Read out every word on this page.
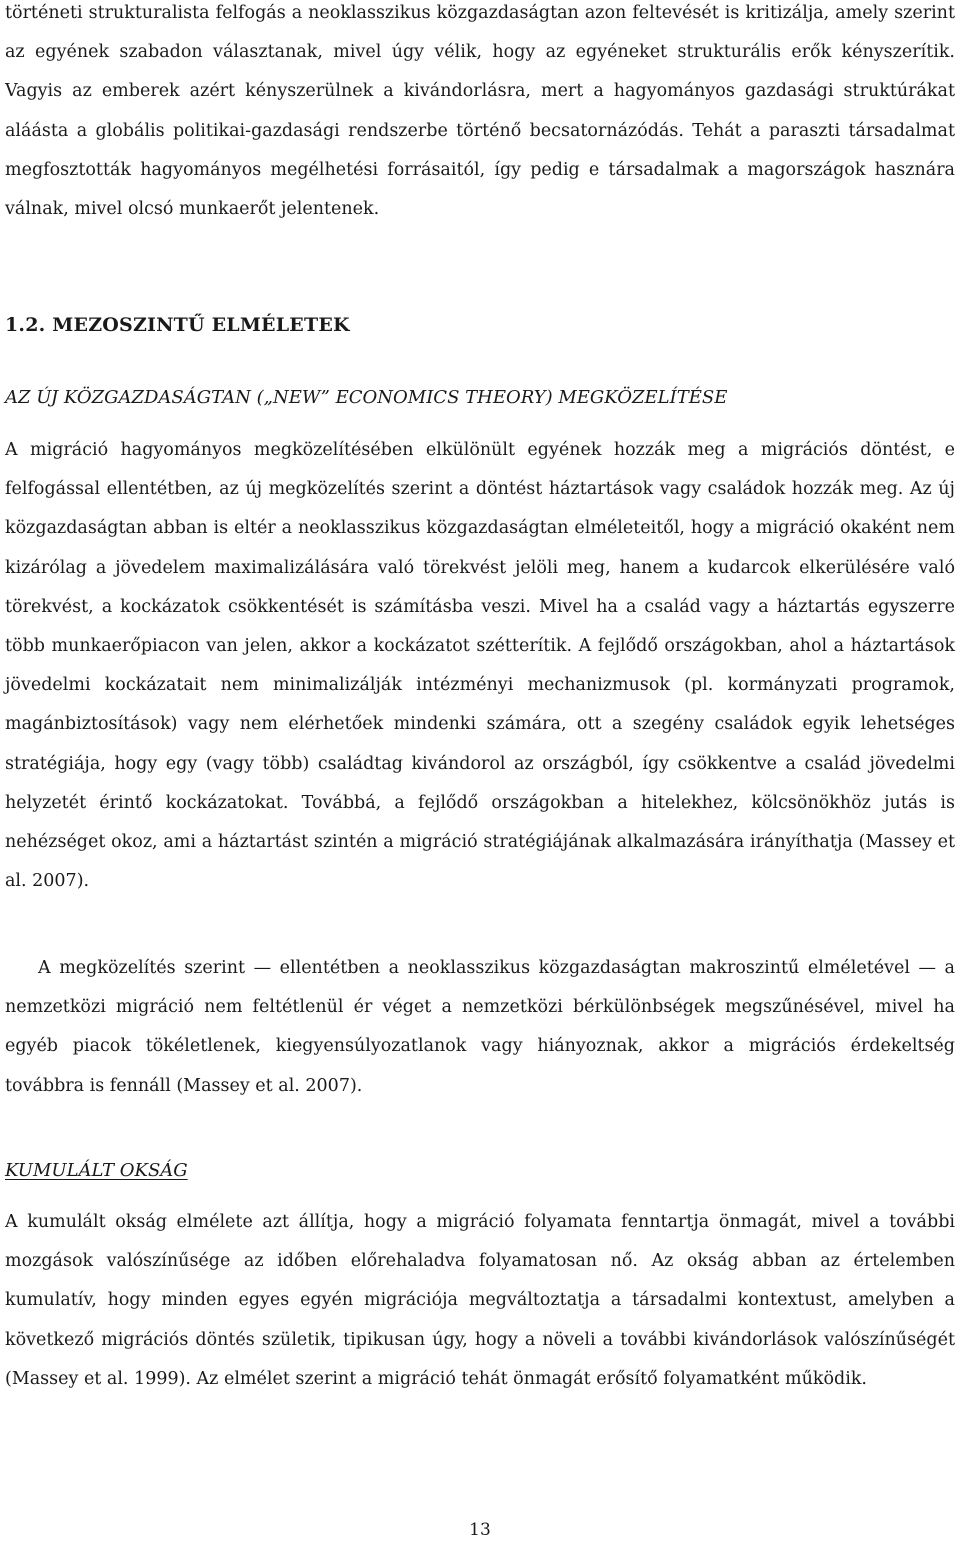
történeti strukturalista felfogás a neoklasszikus közgazdaságtan azon feltevését is kritizálja, amely szerint az egyének szabadon választanak, mivel úgy vélik, hogy az egyéneket strukturális erők kényszerítik. Vagyis az emberek azért kényszerülnek a kivándorlásra, mert a hagyományos gazdasági struktúrákat aláásta a globális politikai-gazdasági rendszerbe történő becsatornázódás. Tehát a paraszti társadalmat megfosztották hagyományos megélhetési forrásaitól, így pedig e társadalmak a magországok hasznára válnak, mivel olcsó munkaerőt jelentenek.

1.2. MEZOSZINTŰ ELMÉLETEK
AZ ÚJ KÖZGAZDASÁGTAN („NEW” ECONOMICS THEORY) MEGKÖZELÍTÉSE

A migráció hagyományos megközelítésében elkülönült egyének hozzák meg a migrációs döntést, e felfogással ellentétben, az új megközelítés szerint a döntést háztartások vagy családok hozzák meg. Az új közgazdaságtan abban is eltér a neoklasszikus közgazdaságtan elméleteitől, hogy a migráció okaként nem kizárólag a jövedelem maximalizálására való törekvést jelöli meg, hanem a kudarcok elkerülésére való törekvést, a kockázatok csökkentését is számításba veszi. Mivel ha a család vagy a háztartás egyszerre több munkaerőpiacon van jelen, akkor a kockázatot szétterítik. A fejlődő országokban, ahol a háztartások jövedelmi kockázatait nem minimalizálják intézményi mechanizmusok (pl. kormányzati programok, magánbiztosítások) vagy nem elérhetőek mindenki számára, ott a szegény családok egyik lehetséges stratégiája, hogy egy (vagy több) családtag kivándorol az országból, így csökkentve a család jövedelmi helyzetét érintő kockázatokat. Továbbá, a fejlődő országokban a hitelekhez, kölcsönökhöz jutás is nehézséget okoz, ami a háztartást szintén a migráció stratégiájának alkalmazására irányíthatja (Massey et al. 2007).

A megközelítés szerint — ellentétben a neoklasszikus közgazdaságtan makroszintű elméletével — a nemzetközi migráció nem feltétlenül ér véget a nemzetközi bérkülönbségek megszűnésével, mivel ha egyéb piacok tökéletlenek, kiegyensúlyozatlanok vagy hiányoznak, akkor a migrációs érdekeltség továbbra is fennáll (Massey et al. 2007).

KUMULÁLT OKSÁG

A kumulált okság elmélete azt állítja, hogy a migráció folyamata fenntartja önmagát, mivel a további mozgások valószínűsége az időben előrehaladva folyamatosan nő. Az okság abban az értelemben kumulatív, hogy minden egyes egyén migrációja megváltoztatja a társadalmi kontextust, amelyben a következő migrációs döntés születik, tipikusan úgy, hogy a növeli a további kivándorlások valószínűségét (Massey et al. 1999). Az elmélet szerint a migráció tehát önmagát erősítő folyamatként működik.

13
